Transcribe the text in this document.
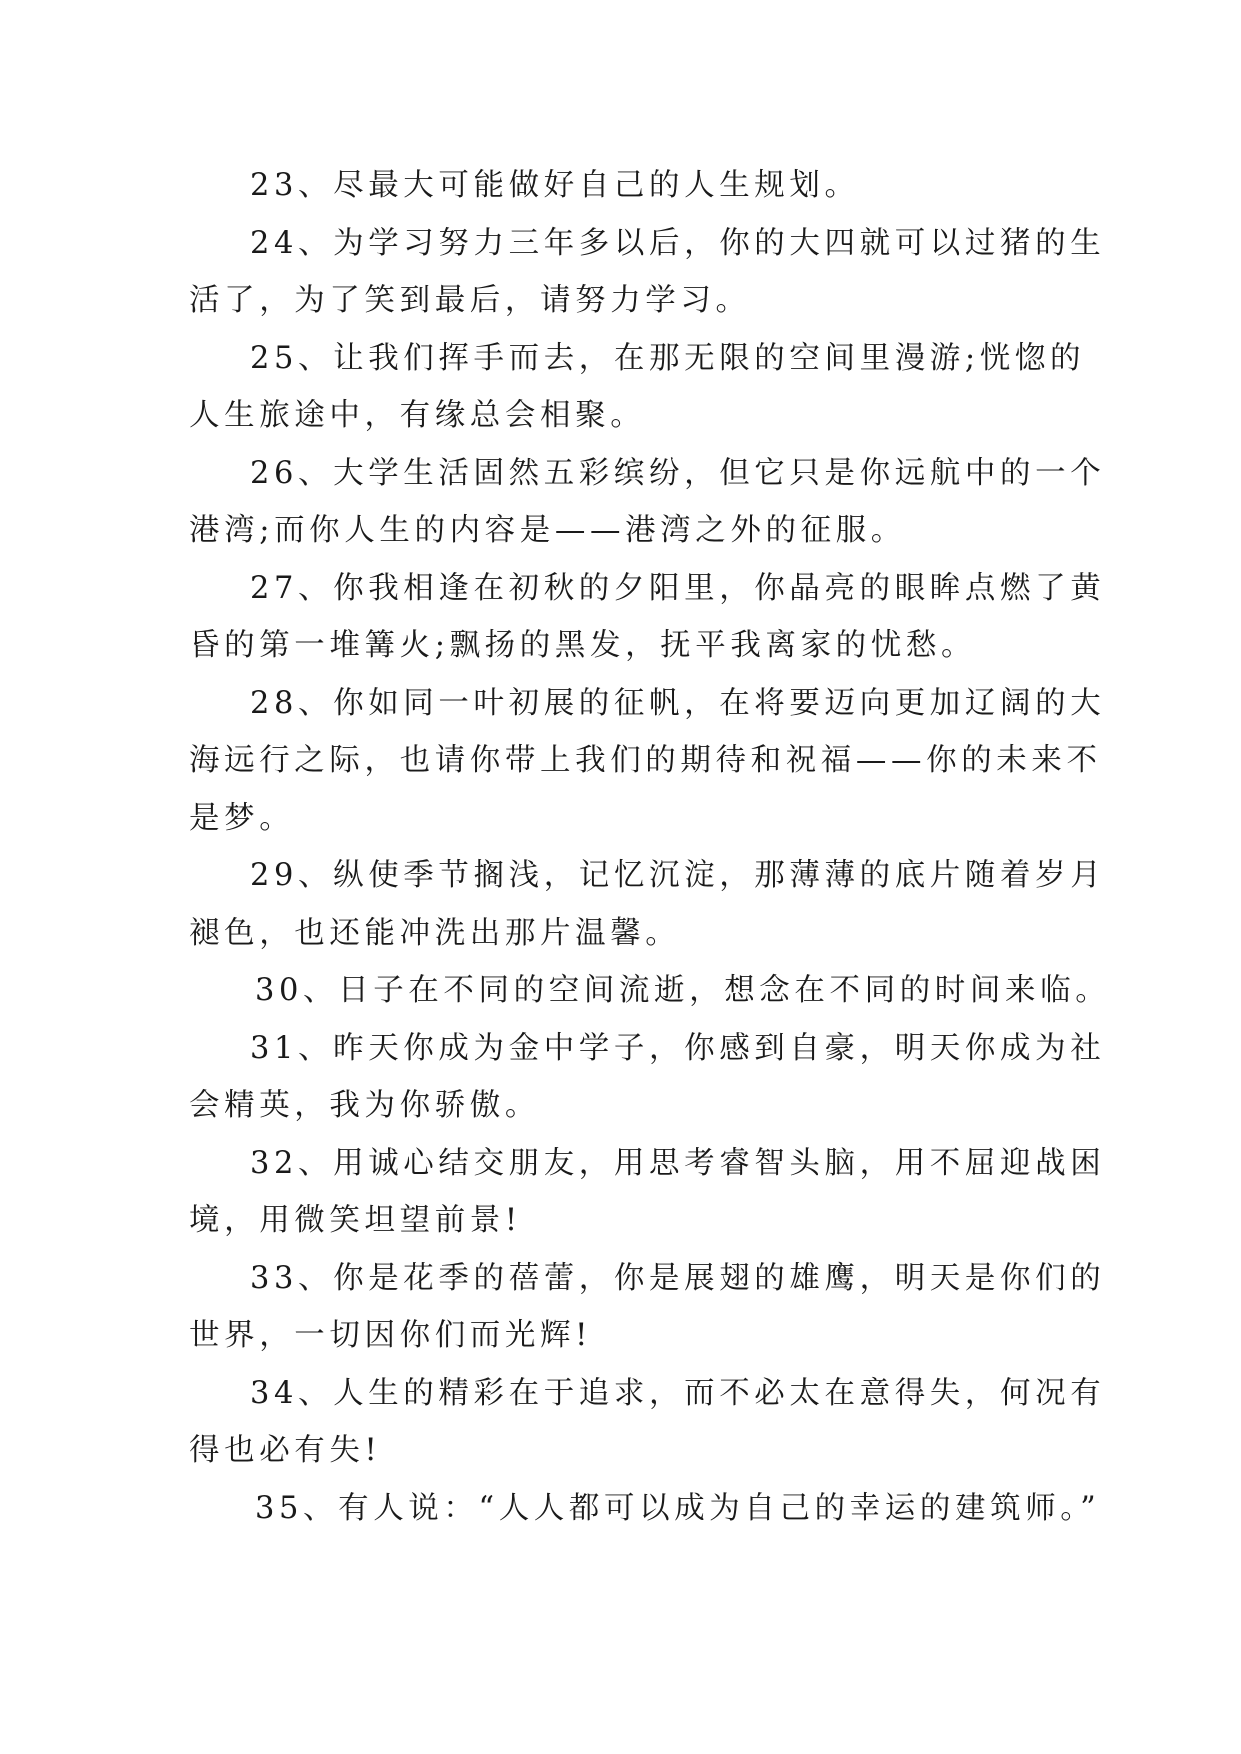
23、尽最大可能做好自己的人生规划。
24、为学习努力三年多以后，你的大四就可以过猪的生
活了，为了笑到最后，请努力学习。
25、让我们挥手而去，在那无限的空间里漫游;恍惚的
人生旅途中，有缘总会相聚。
26、大学生活固然五彩缤纷，但它只是你远航中的一个
港湾;而你人生的内容是——港湾之外的征服。
27、你我相逢在初秋的夕阳里，你晶亮的眼眸点燃了黄
昏的第一堆篝火;飘扬的黑发，抚平我离家的忧愁。
28、你如同一叶初展的征帆，在将要迈向更加辽阔的大
海远行之际，也请你带上我们的期待和祝福——你的未来不
是梦。
29、纵使季节搁浅，记忆沉淀，那薄薄的底片随着岁月
褪色，也还能冲洗出那片温馨。
30、日子在不同的空间流逝，想念在不同的时间来临。
31、昨天你成为金中学子，你感到自豪，明天你成为社
会精英，我为你骄傲。
32、用诚心结交朋友，用思考睿智头脑，用不屈迎战困
境，用微笑坦望前景!
33、你是花季的蓓蕾，你是展翅的雄鹰，明天是你们的
世界，一切因你们而光辉!
34、人生的精彩在于追求，而不必太在意得失，何况有
得也必有失!
35、有人说：“人人都可以成为自己的幸运的建筑师。”
